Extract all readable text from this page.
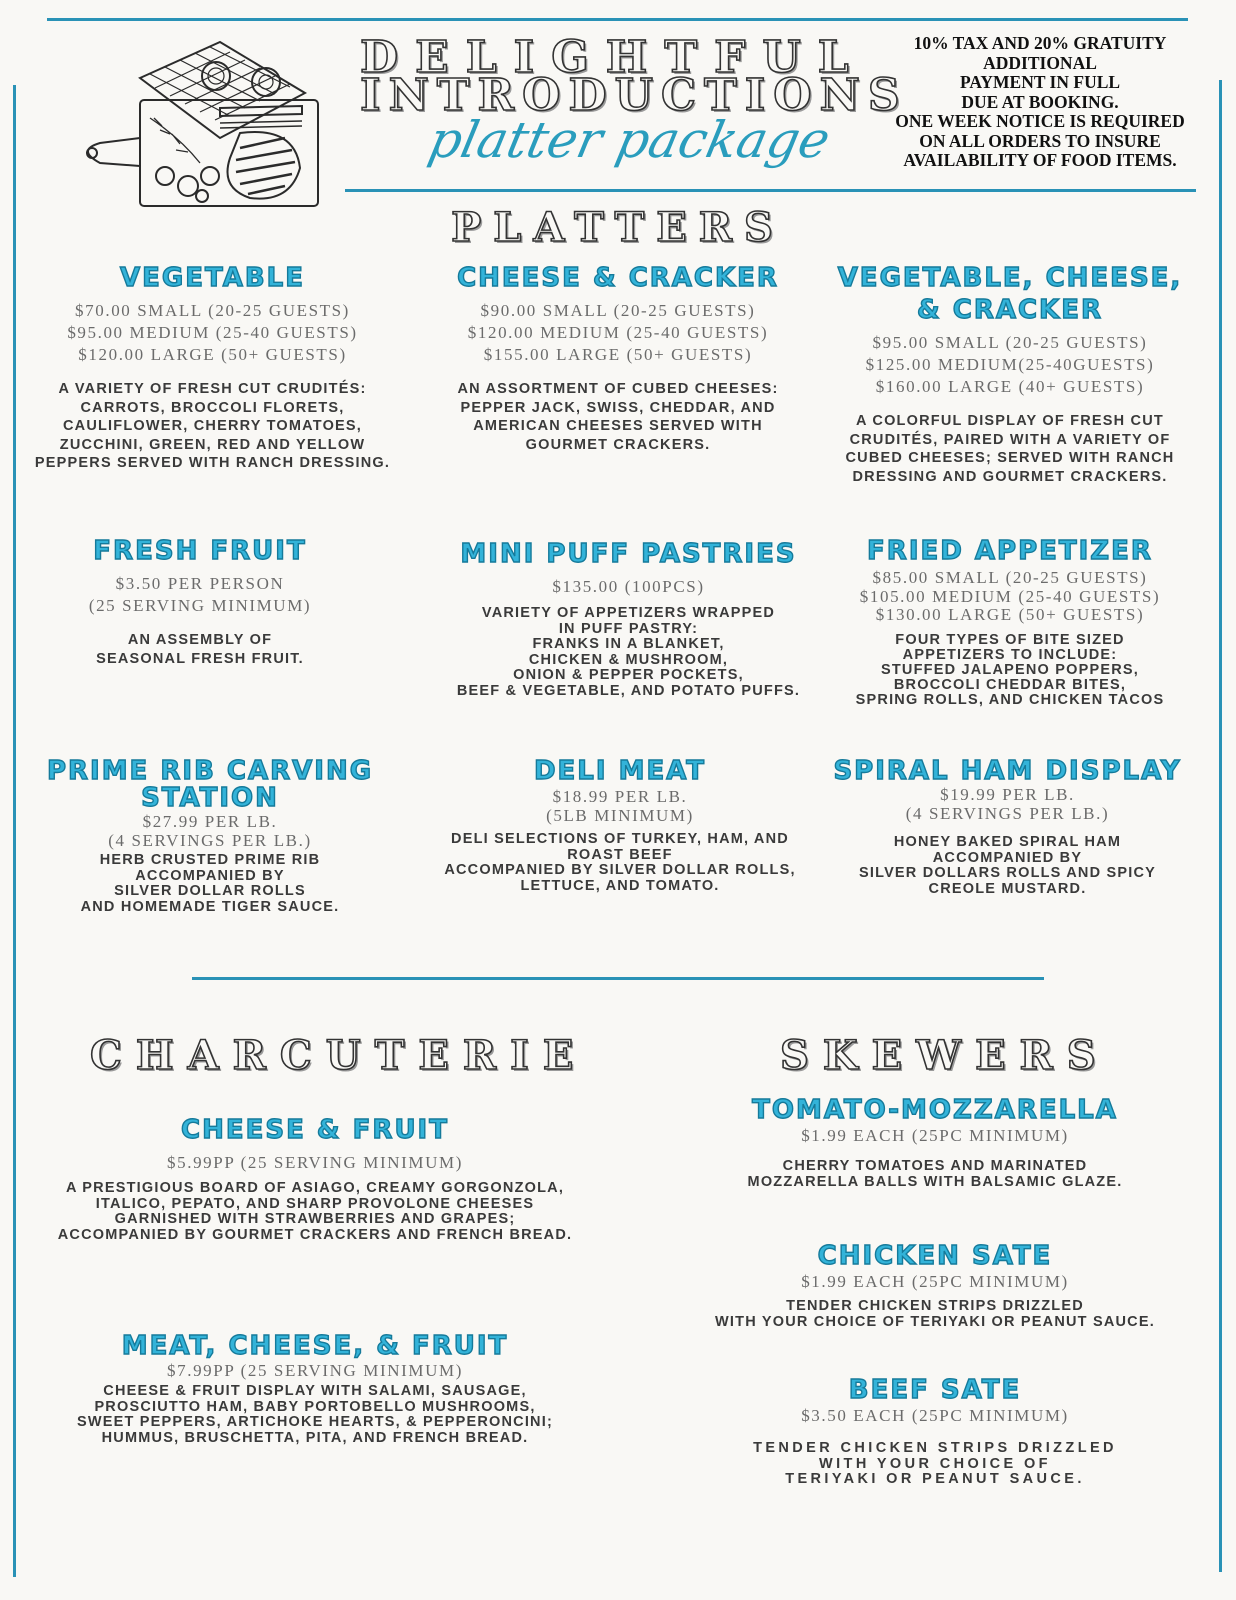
DELIGHTFUL
INTRODUCTIONS
platter package
10% TAX AND 20% GRATUITY
ADDITIONAL
PAYMENT IN FULL
DUE AT BOOKING.
ONE WEEK NOTICE IS REQUIRED
ON ALL ORDERS TO INSURE
AVAILABILITY OF FOOD ITEMS.
PLATTERS
CHARCUTERIE	SKEWERS
VEGETABLE
$70.00 SMALL (20-25 GUESTS)
$95.00 MEDIUM (25-40 GUESTS)
$120.00 LARGE (50+ GUESTS)
A VARIETY OF FRESH CUT CRUDITÉS:
CARROTS, BROCCOLI FLORETS,
CAULIFLOWER, CHERRY TOMATOES,
ZUCCHINI, GREEN, RED AND YELLOW
PEPPERS SERVED WITH RANCH DRESSING.
CHEESE & CRACKER
$90.00 SMALL (20-25 GUESTS)
$120.00 MEDIUM (25-40 GUESTS)
$155.00 LARGE (50+ GUESTS)
AN ASSORTMENT OF CUBED CHEESES:
PEPPER JACK, SWISS, CHEDDAR, AND
AMERICAN CHEESES SERVED WITH
GOURMET CRACKERS.
VEGETABLE, CHEESE,
& CRACKER
$95.00 SMALL (20-25 GUESTS)
$125.00 MEDIUM(25-40GUESTS)
$160.00 LARGE (40+ GUESTS)
A COLORFUL DISPLAY OF FRESH CUT
CRUDITÉS, PAIRED WITH A VARIETY OF
CUBED CHEESES; SERVED WITH RANCH
DRESSING AND GOURMET CRACKERS.
FRESH FRUIT
$3.50 PER PERSON
(25 SERVING MINIMUM)
AN ASSEMBLY OF
SEASONAL FRESH FRUIT.
MINI PUFF PASTRIES
$135.00 (100PCS)
VARIETY OF APPETIZERS WRAPPED
IN PUFF PASTRY:
FRANKS IN A BLANKET,
CHICKEN & MUSHROOM,
ONION & PEPPER POCKETS,
BEEF & VEGETABLE, AND POTATO PUFFS.
FRIED APPETIZER
$85.00 SMALL (20-25 GUESTS)
$105.00 MEDIUM (25-40 GUESTS)
$130.00 LARGE (50+ GUESTS)
FOUR TYPES OF BITE SIZED
APPETIZERS TO INCLUDE:
STUFFED JALAPENO POPPERS,
BROCCOLI CHEDDAR BITES,
SPRING ROLLS, AND CHICKEN TACOS
PRIME RIB CARVING
STATION
$27.99 PER LB.
(4 SERVINGS PER LB.)
HERB CRUSTED PRIME RIB
ACCOMPANIED BY
SILVER DOLLAR ROLLS
AND HOMEMADE TIGER SAUCE.
DELI MEAT
$18.99 PER LB.
(5LB MINIMUM)
DELI SELECTIONS OF TURKEY, HAM, AND
ROAST BEEF
ACCOMPANIED BY SILVER DOLLAR ROLLS,
LETTUCE, AND TOMATO.
SPIRAL HAM DISPLAY
$19.99 PER LB.
(4 SERVINGS PER LB.)
HONEY BAKED SPIRAL HAM
ACCOMPANIED BY
SILVER DOLLARS ROLLS AND SPICY
CREOLE MUSTARD.
CHEESE & FRUIT
$5.99PP (25 SERVING MINIMUM)
A PRESTIGIOUS BOARD OF ASIAGO, CREAMY GORGONZOLA,
ITALICO, PEPATO, AND SHARP PROVOLONE CHEESES
GARNISHED WITH STRAWBERRIES AND GRAPES;
ACCOMPANIED BY GOURMET CRACKERS AND FRENCH BREAD.
MEAT, CHEESE, & FRUIT
$7.99PP (25 SERVING MINIMUM)
CHEESE & FRUIT DISPLAY WITH SALAMI, SAUSAGE,
PROSCIUTTO HAM, BABY PORTOBELLO MUSHROOMS,
SWEET PEPPERS, ARTICHOKE HEARTS, & PEPPERONCINI;
HUMMUS, BRUSCHETTA, PITA, AND FRENCH BREAD.
TOMATO-MOZZARELLA
$1.99 EACH (25PC MINIMUM)
CHERRY TOMATOES AND MARINATED
MOZZARELLA BALLS WITH BALSAMIC GLAZE.
CHICKEN SATE
$1.99 EACH (25PC MINIMUM)
TENDER CHICKEN STRIPS DRIZZLED
WITH YOUR CHOICE OF TERIYAKI OR PEANUT SAUCE.
BEEF SATE
$3.50 EACH (25PC MINIMUM)
TENDER CHICKEN STRIPS DRIZZLED
WITH YOUR CHOICE OF
TERIYAKI OR PEANUT SAUCE.
